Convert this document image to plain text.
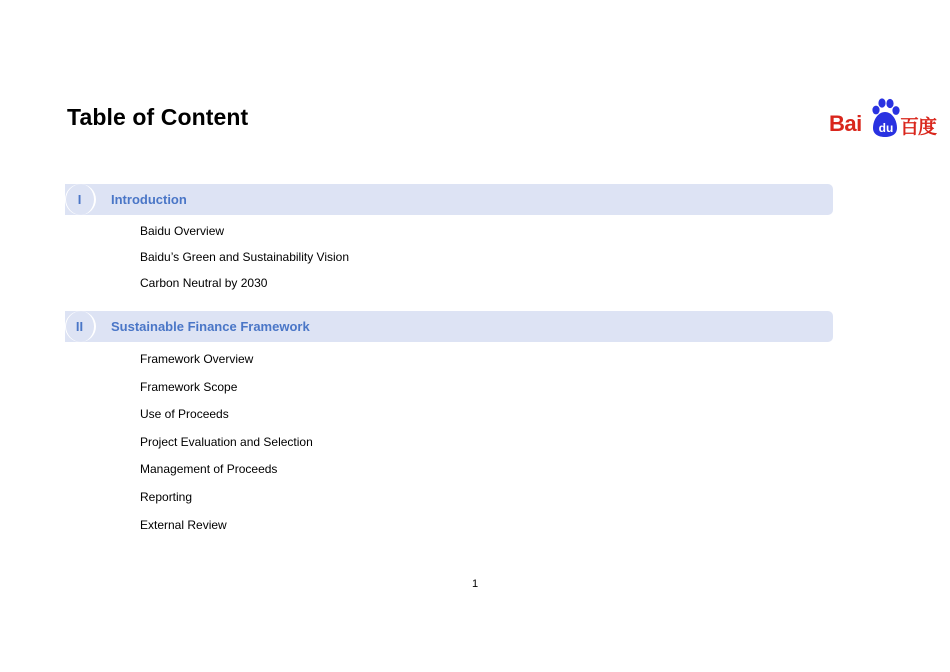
Table of Content	Bai du 百度
I	Introduction
Baidu Overview
Baidu’s Green and Sustainability Vision
Carbon Neutral by 2030
II	Sustainable Finance Framework
Framework Overview
Framework Scope
Use of Proceeds
Project Evaluation and Selection
Management of Proceeds
Reporting
External Review
1
